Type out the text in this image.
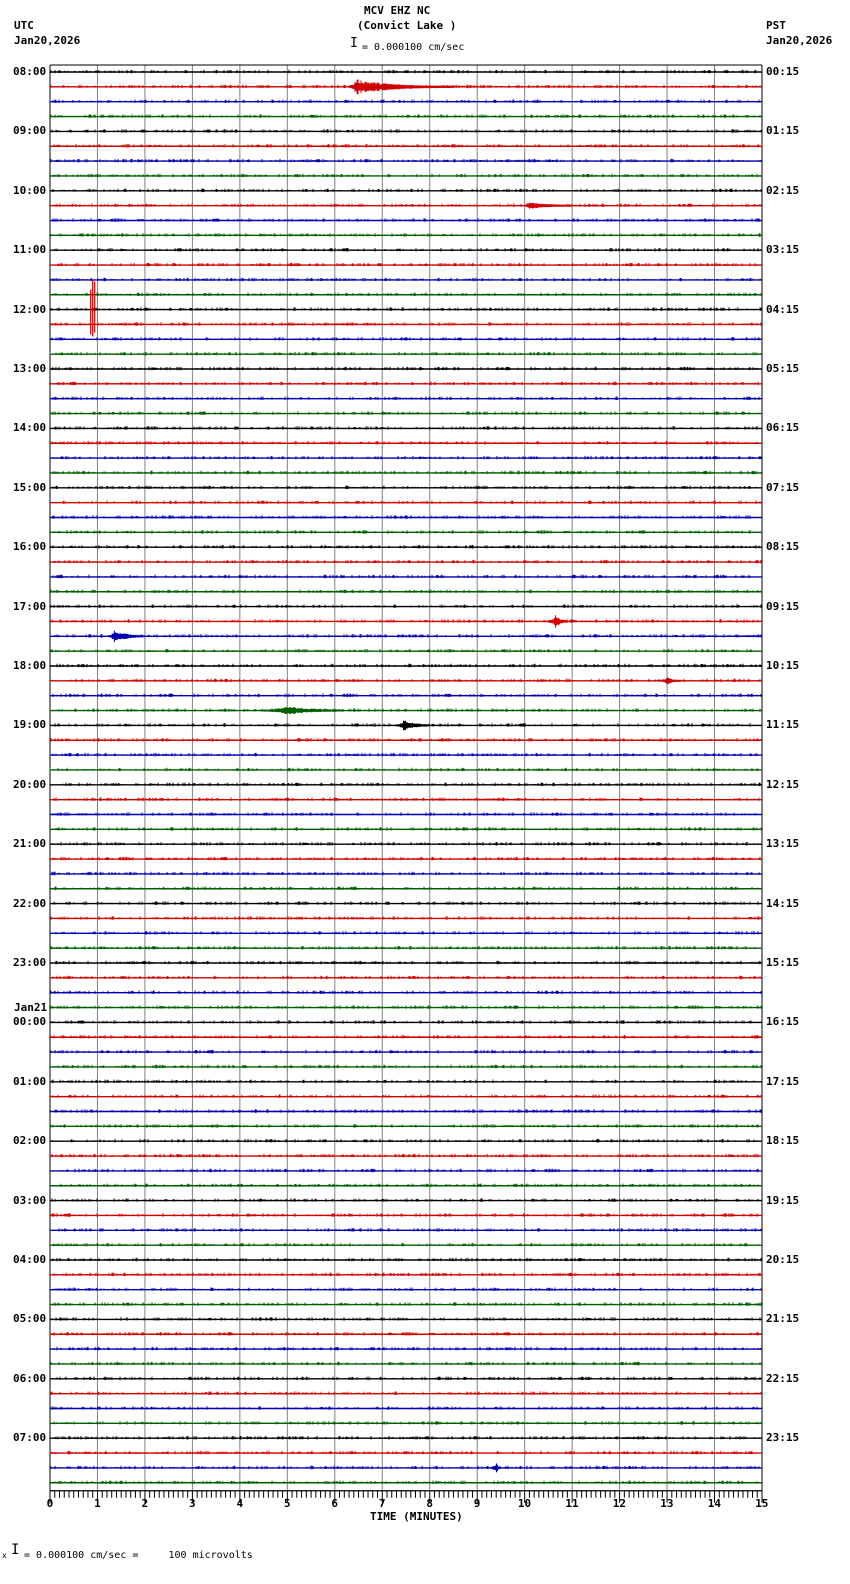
MCV EHZ NC
(Convict Lake )
I = 0.000100 cm/sec
UTC
Jan20,2026
PST
Jan20,2026
08:00
09:00
10:00
11:00
12:00
13:00
14:00
15:00
16:00
17:00
18:00
19:00
20:00
21:00
22:00
23:00
00:00
Jan21
01:00
02:00
03:00
04:00
05:00
06:00
07:00
00:15
01:15
02:15
03:15
04:15
05:15
06:15
07:15
08:15
09:15
10:15
11:15
12:15
13:15
14:15
15:15
16:15
17:15
18:15
19:15
20:15
21:15
22:15
23:15
0	1	2	3	4	5	6	7	8	9	10	11	12	13	14	15
TIME (MINUTES)
x I = 0.000100 cm/sec =     100 microvolts
